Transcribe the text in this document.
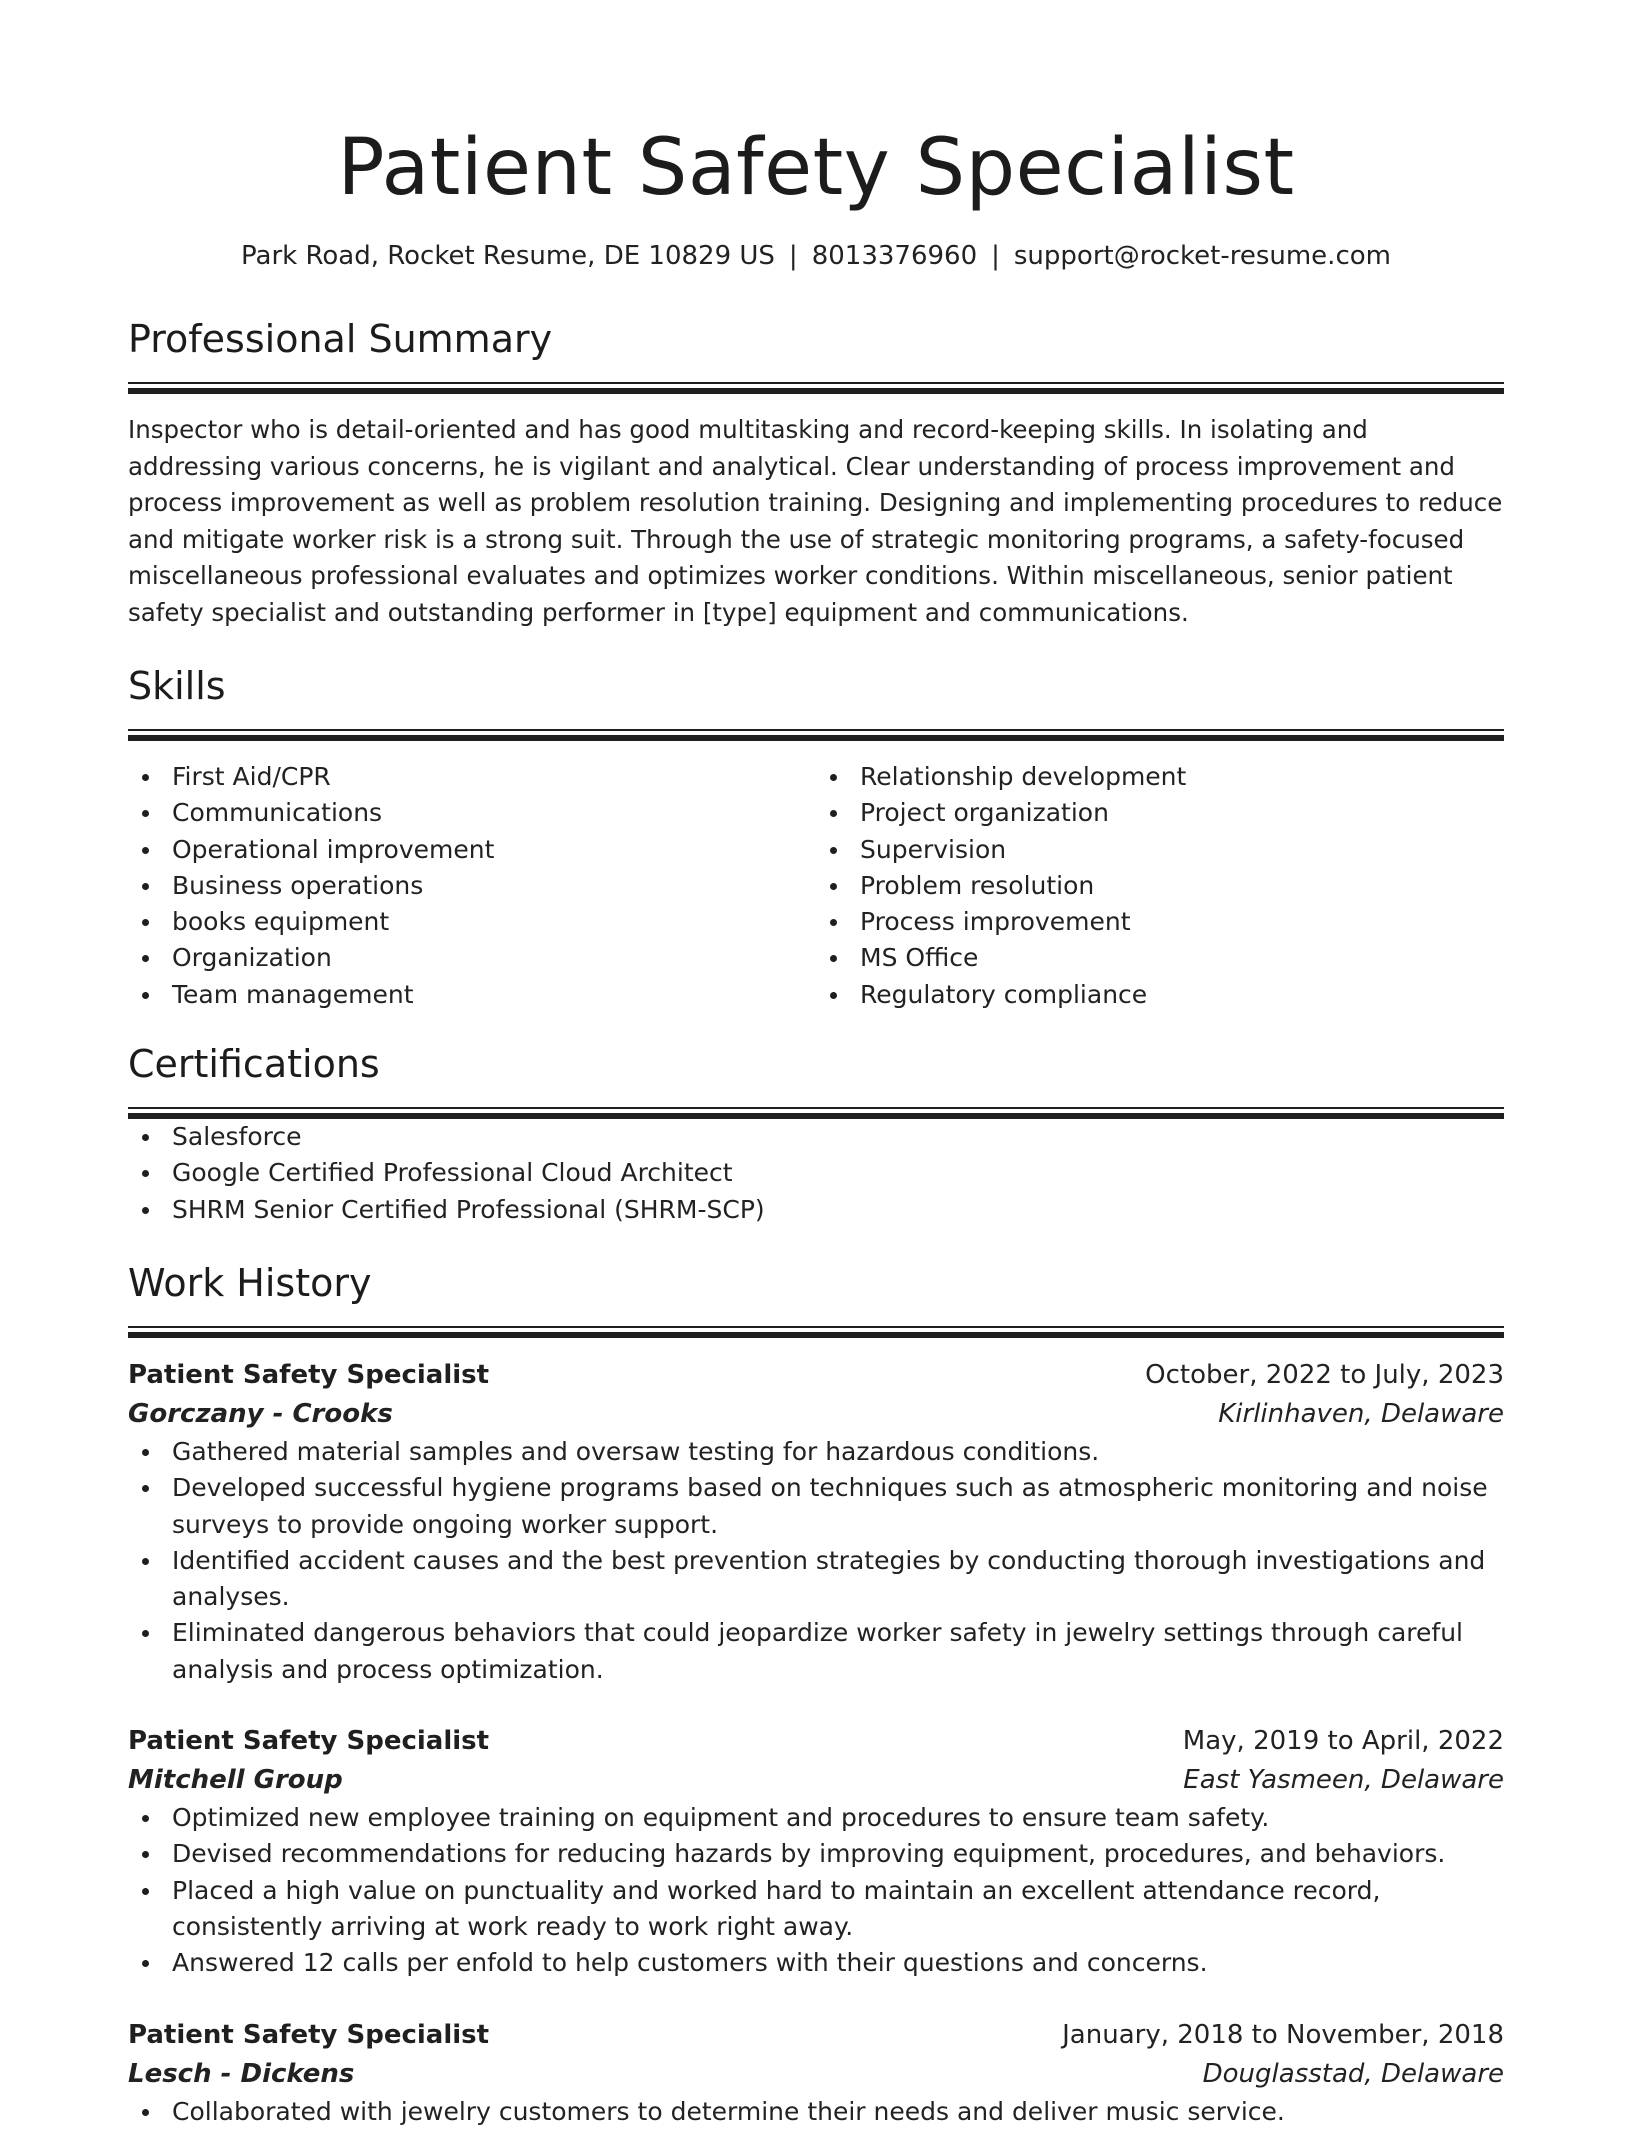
Patient Safety Specialist
Park Road, Rocket Resume, DE 10829 US | 8013376960 | support@rocket-resume.com
Professional Summary

Inspector who is detail-oriented and has good multitasking and record-keeping skills. In isolating and addressing various concerns, he is vigilant and analytical. Clear understanding of process improvement and process improvement as well as problem resolution training. Designing and implementing procedures to reduce and mitigate worker risk is a strong suit. Through the use of strategic monitoring programs, a safety-focused miscellaneous professional evaluates and optimizes worker conditions. Within miscellaneous, senior patient safety specialist and outstanding performer in [type] equipment and communications.

Skills
First Aid/CPR
Communications
Operational improvement
Business operations
books equipment
Organization
Team management
Relationship development
Project organization
Supervision
Problem resolution
Process improvement
MS Office
Regulatory compliance
Certifications
Salesforce
Google Certified Professional Cloud Architect
SHRM Senior Certified Professional (SHRM-SCP)
Work History
Patient Safety Specialist	October, 2022 to July, 2023
Gorczany - Crooks	Kirlinhaven, Delaware
Gathered material samples and oversaw testing for hazardous conditions.
Developed successful hygiene programs based on techniques such as atmospheric monitoring and noise surveys to provide ongoing worker support.
Identified accident causes and the best prevention strategies by conducting thorough investigations and analyses.
Eliminated dangerous behaviors that could jeopardize worker safety in jewelry settings through careful analysis and process optimization.
Patient Safety Specialist	May, 2019 to April, 2022
Mitchell Group	East Yasmeen, Delaware
Optimized new employee training on equipment and procedures to ensure team safety.
Devised recommendations for reducing hazards by improving equipment, procedures, and behaviors.
Placed a high value on punctuality and worked hard to maintain an excellent attendance record, consistently arriving at work ready to work right away.
Answered 12 calls per enfold to help customers with their questions and concerns.
Patient Safety Specialist	January, 2018 to November, 2018
Lesch - Dickens	Douglasstad, Delaware
Collaborated with jewelry customers to determine their needs and deliver music service.
